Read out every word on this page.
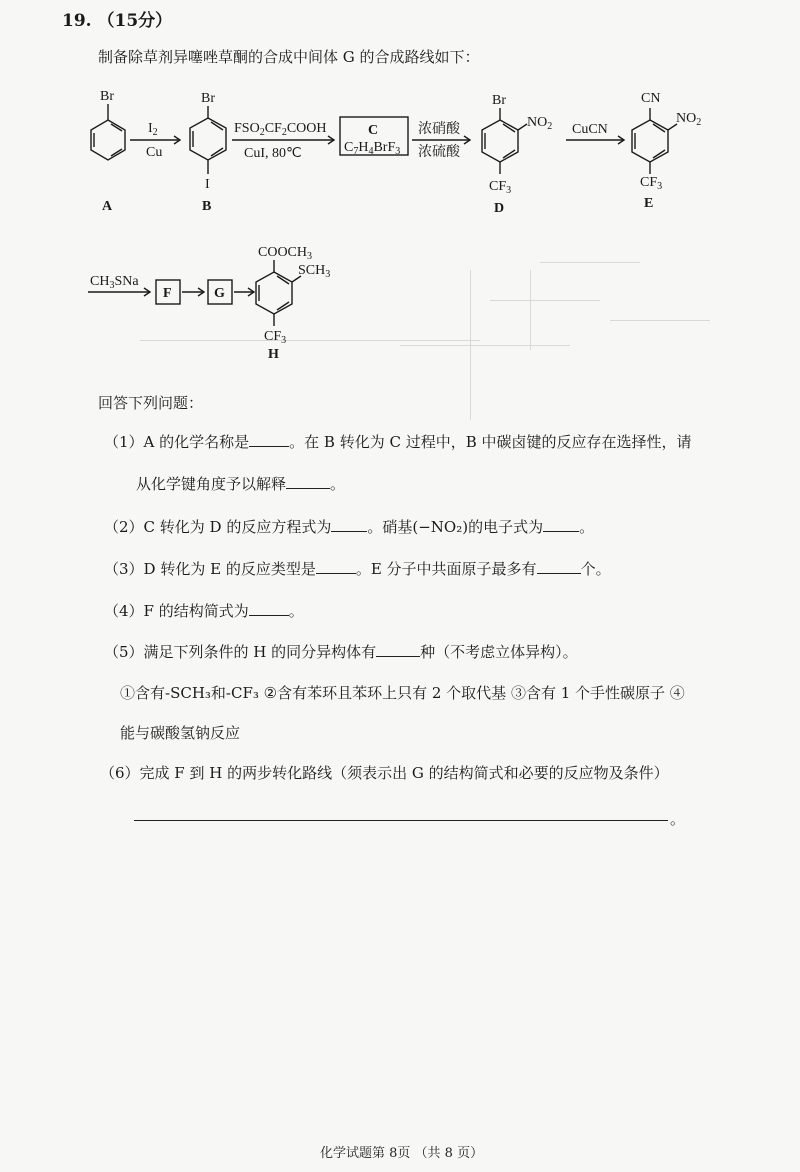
19. （15分）
制备除草剂异噻唑草酮的合成中间体 G 的合成路线如下：
A
Br
$I_2$
Cu
Br
I
B
$FSO_2CF_2COOH$
CuI, 80℃
C
$C_7H_4BrF_3$
浓硝酸
浓硫酸
Br
$NO_2$
$CF_3$
D
CuCN
CN
$NO_2$
$CF_3$
E
$CH_3SNa$
F	G
$COOCH_3$
$SCH_3$
$CF_3$
H
回答下列问题：
（1）A 的化学名称是	。在 B 转化为 C 过程中，B 中碳卤键的反应存在选择性，请
从化学键角度予以解释	。
（2）C 转化为 D 的反应方程式为 。硝基(−NO₂)的电子式为 。
（3）D 转化为 E 的反应类型是	。E 分子中共面原子最多有	个。
（4）F 的结构简式为	。
（5）满足下列条件的 H 的同分异构体有	种（不考虑立体异构）。
①含有-SCH₃和-CF₃ ②含有苯环且苯环上只有 2 个取代基 ③含有 1 个手性碳原子 ④
能与碳酸氢钠反应
（6）完成 F 到 H 的两步转化路线（须表示出 G 的结构简式和必要的反应物及条件）
。
化学试题第 8页 （共 8 页）
